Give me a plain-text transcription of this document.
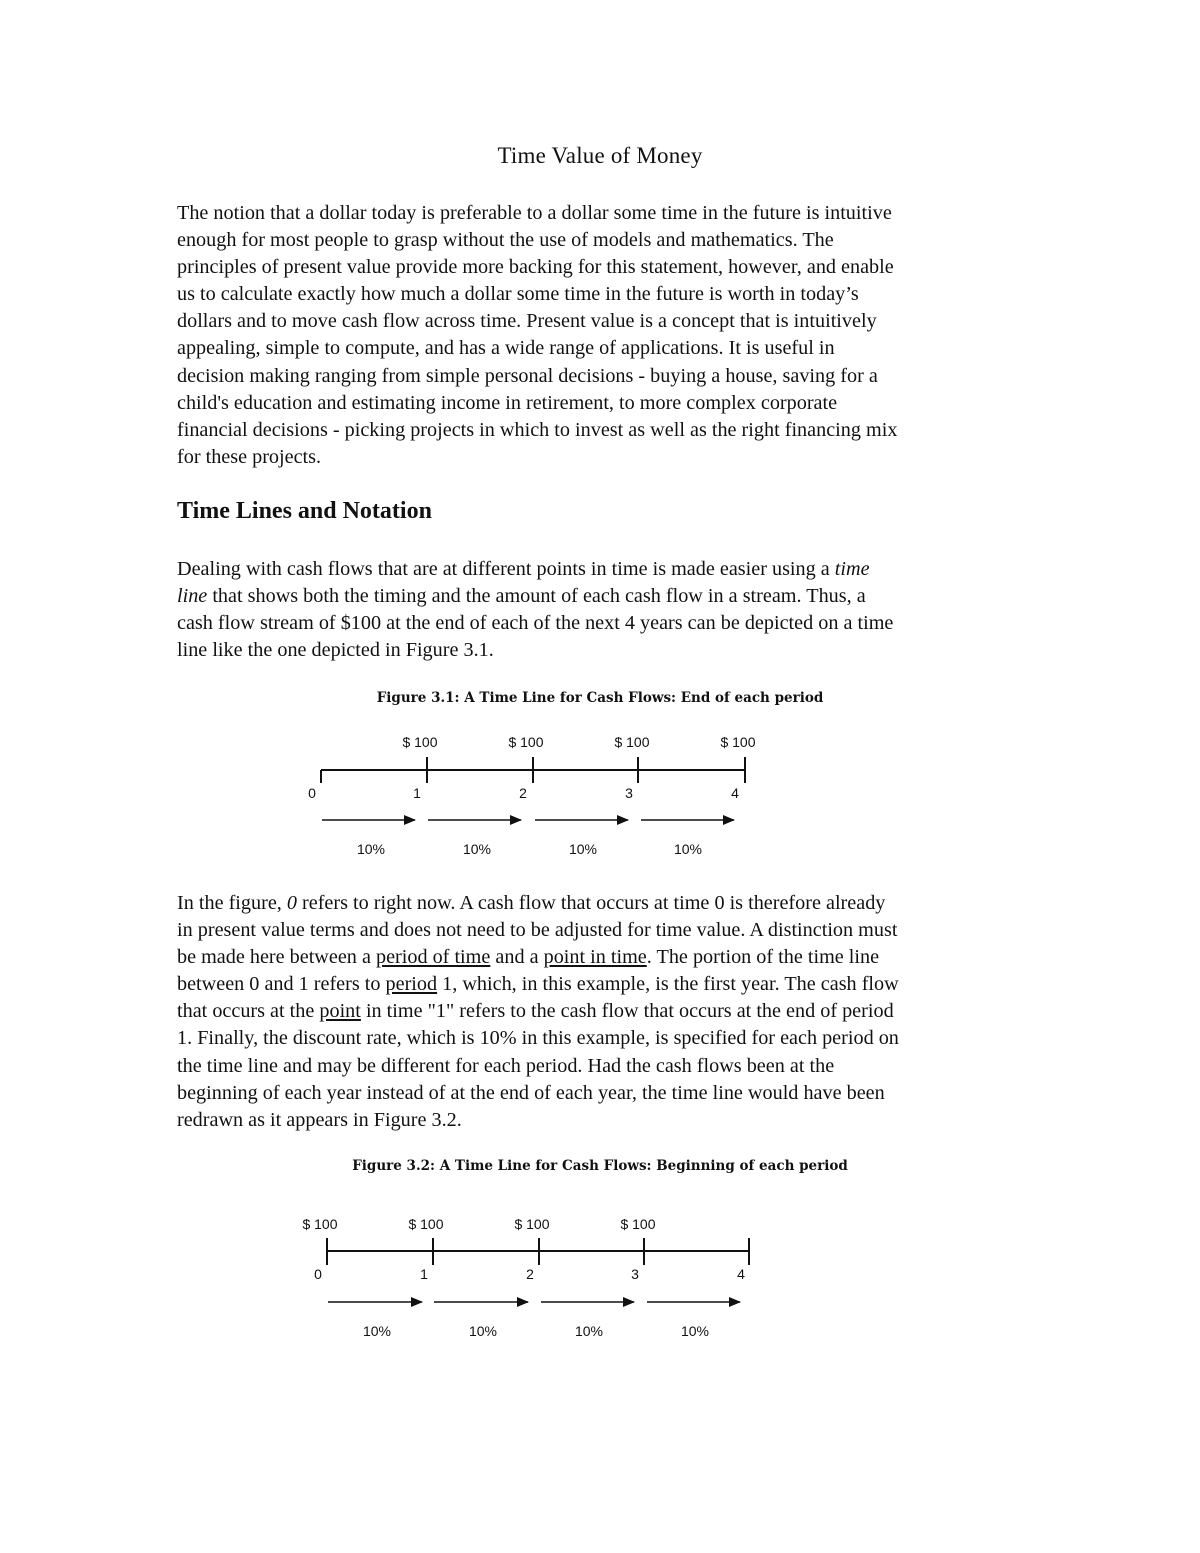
Time Value of Money

The notion that a dollar today is preferable to a dollar some time in the future is intuitive
enough for most people to grasp without the use of models and mathematics. The
principles of present value provide more backing for this statement, however, and enable
us to calculate exactly how much a dollar some time in the future is worth in today’s
dollars and to move cash flow across time. Present value is a concept that is intuitively
appealing, simple to compute, and has a wide range of applications. It is useful in
decision making ranging from simple personal decisions - buying a house, saving for a
child's education and estimating income in retirement, to more complex corporate
financial decisions - picking projects in which to invest as well as the right financing mix
for these projects.

Time Lines and Notation

Dealing with cash flows that are at different points in time is made easier using a time
line that shows both the timing and the amount of each cash flow in a stream. Thus, a
cash flow stream of $100 at the end of each of the next 4 years can be depicted on a time
line like the one depicted in Figure 3.1.

Figure 3.1: A Time Line for Cash Flows: End of each period
$ 100	$ 100	$ 100	$ 100
0	1	2	3	4
10%	10%	10%	10%

In the figure, 0 refers to right now. A cash flow that occurs at time 0 is therefore already
in present value terms and does not need to be adjusted for time value. A distinction must
be made here between a period of time and a point in time. The portion of the time line
between 0 and 1 refers to period 1, which, in this example, is the first year. The cash flow
that occurs at the point in time "1" refers to the cash flow that occurs at the end of period
1. Finally, the discount rate, which is 10% in this example, is specified for each period on
the time line and may be different for each period. Had the cash flows been at the
beginning of each year instead of at the end of each year, the time line would have been
redrawn as it appears in Figure 3.2.

Figure 3.2: A Time Line for Cash Flows: Beginning of each period
$ 100	$ 100	$ 100	$ 100
0	1	2	3	4
10%	10%	10%	10%
